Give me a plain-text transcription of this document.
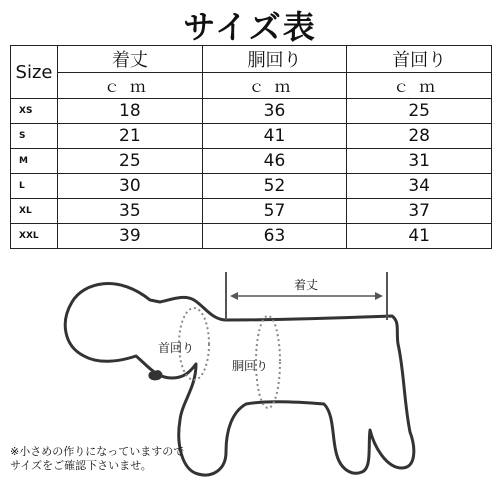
サイズ表
Size	着丈	胴回り	首回り
	ｃｍ	ｃｍ	ｃｍ
XS	18	36	25
S	21	41	28
M	25	46	31
L	30	52	34
XL	35	57	37
XXL	39	63	41
着丈
首回り
胴回り
※小さめの作りになっていますので
サイズをご確認下さいませ。
